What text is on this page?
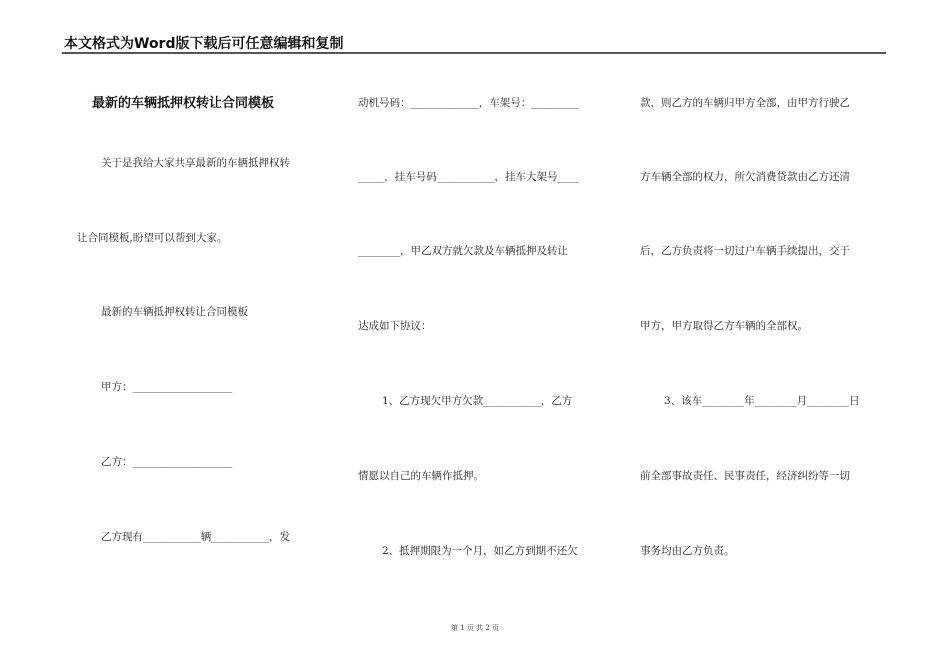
本文格式为Word版下载后可任意编辑和复制
最新的车辆抵押权转让合同模板
关于是我给大家共享最新的车辆抵押权转
让合同模板,盼望可以帮到大家。
最新的车辆抵押权转让合同模板
甲方：___________________
乙方：___________________
乙方现有___________辆___________，发
动机号码：_____________，车架号：_________
_____，挂车号码___________，挂车大架号____
________，甲乙双方就欠款及车辆抵押及转让
达成如下协议：
1、乙方现欠甲方欠款___________，乙方
情愿以自己的车辆作抵押。
2、抵押期限为一个月，如乙方到期不还欠
款，则乙方的车辆归甲方全部，由甲方行驶乙
方车辆全部的权力，所欠消费贷款由乙方还清
后，乙方负责将一切过户车辆手续提出，交于
甲方，甲方取得乙方车辆的全部权。
3、该车________年________月________日
前全部事故责任、民事责任，经济纠纷等一切
事务均由乙方负责。
第 1 页 共 2 页
